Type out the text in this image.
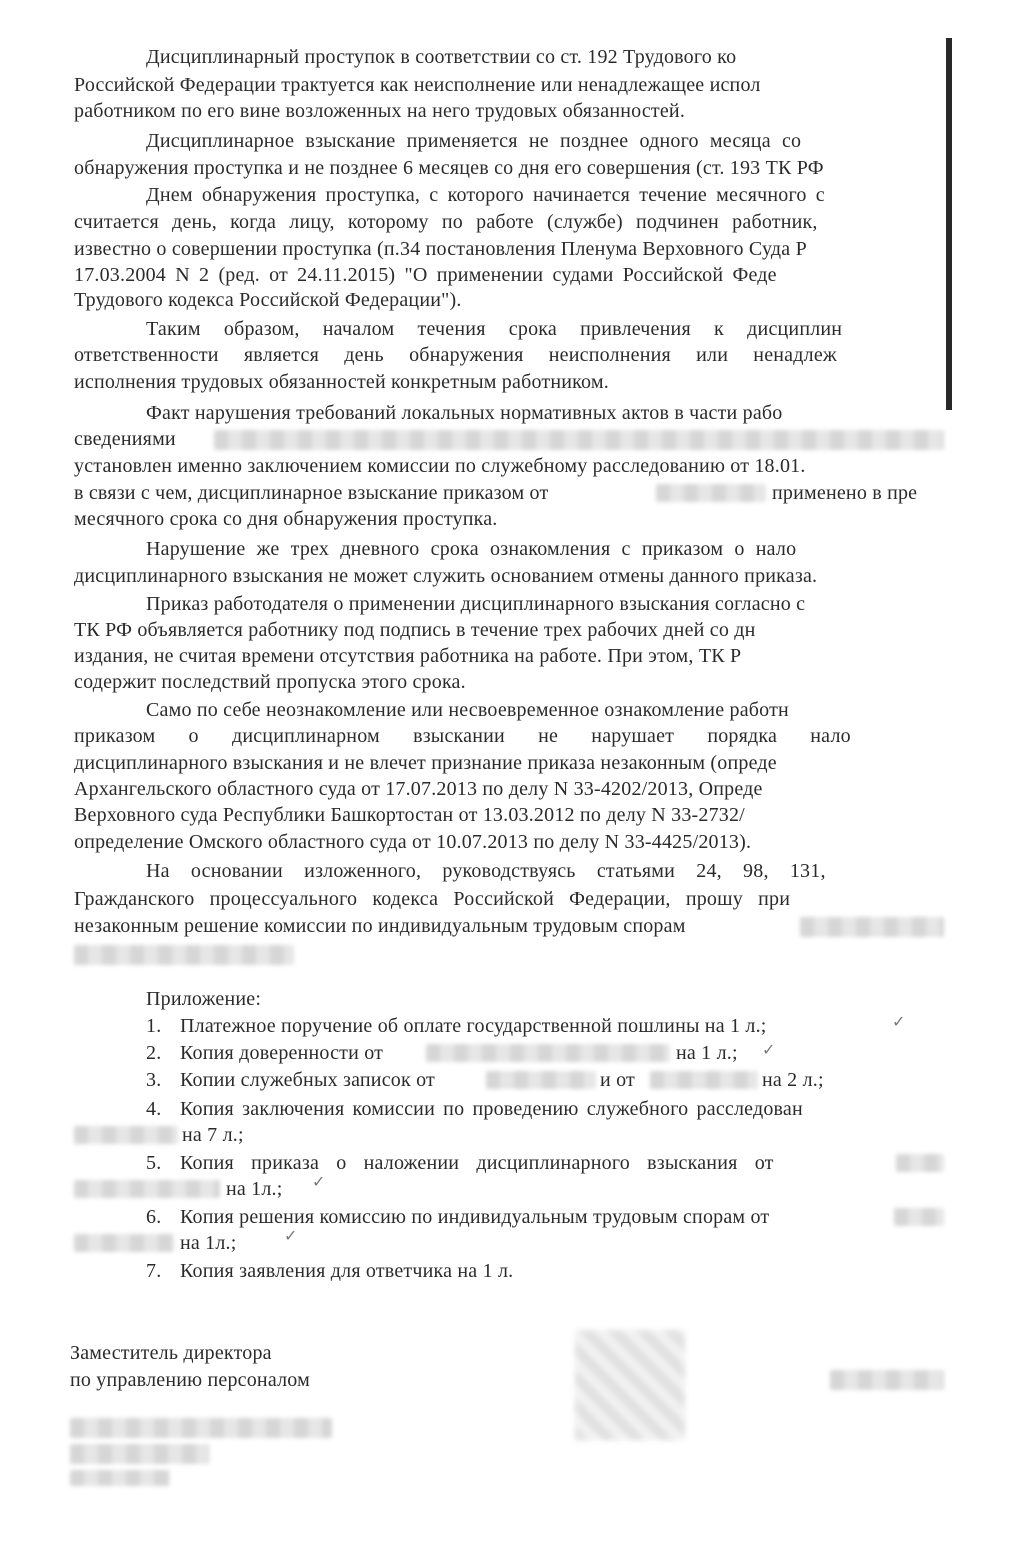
Дисциплинарный проступок в соответствии со ст. 192 Трудового ко
Российской Федерации трактуется как неисполнение или ненадлежащее испол
работником по его вине возложенных на него трудовых обязанностей.
Дисциплинарное взыскание применяется не позднее одного месяца со
обнаружения проступка и не позднее 6 месяцев со дня его совершения (ст. 193 ТК РФ
Днем обнаружения проступка, с которого начинается течение месячного с
считается день, когда лицу, которому по работе (службе) подчинен работник,
известно о совершении проступка (п.34 постановления Пленума Верховного Суда Р
17.03.2004 N 2 (ред. от 24.11.2015) "О применении судами Российской Феде
Трудового кодекса Российской Федерации").
Таким образом, началом течения срока привлечения к дисциплин
ответственности является день обнаружения неисполнения или ненадлеж
исполнения трудовых обязанностей конкретным работником.
Факт нарушения требований локальных нормативных актов в части рабо
сведениями
установлен именно заключением комиссии по служебному расследованию от 18.01.
в связи с чем, дисциплинарное взыскание приказом от	применено в пре
месячного срока со дня обнаружения проступка.
Нарушение же трех дневного срока ознакомления с приказом о нало
дисциплинарного взыскания не может служить основанием отмены данного приказа.
Приказ работодателя о применении дисциплинарного взыскания согласно с
ТК РФ объявляется работнику под подпись в течение трех рабочих дней со дн
издания, не считая времени отсутствия работника на работе. При этом, ТК Р
содержит последствий пропуска этого срока.
Само по себе неознакомление или несвоевременное ознакомление работн
приказом о дисциплинарном взыскании не нарушает порядка нало
дисциплинарного взыскания и не влечет признание приказа незаконным (опреде
Архангельского областного суда от 17.07.2013 по делу N 33-4202/2013, Опреде
Верховного суда Республики Башкортостан от 13.03.2012 по делу N 33-2732/
определение Омского областного суда от 10.07.2013 по делу N 33-4425/2013).
На основании изложенного, руководствуясь статьями 24, 98, 131,
Гражданского процессуального кодекса Российской Федерации, прошу при
незаконным решение комиссии по индивидуальным трудовым спорам
Приложение:
1. Платежное поручение об оплате государственной пошлины на 1 л.;	✓
2. Копия доверенности от	на 1 л.;	✓
3. Копии служебных записок от	и от	на 2 л.;
4. Копия заключения комиссии по проведению служебного расследован
на 7 л.;
5. Копия приказа о наложении дисциплинарного взыскания от
на 1л.;	✓
6. Копия решения комиссию по индивидуальным трудовым спорам от
на 1л.;	✓
7. Копия заявления для ответчика на 1 л.
Заместитель директора
по управлению персоналом
